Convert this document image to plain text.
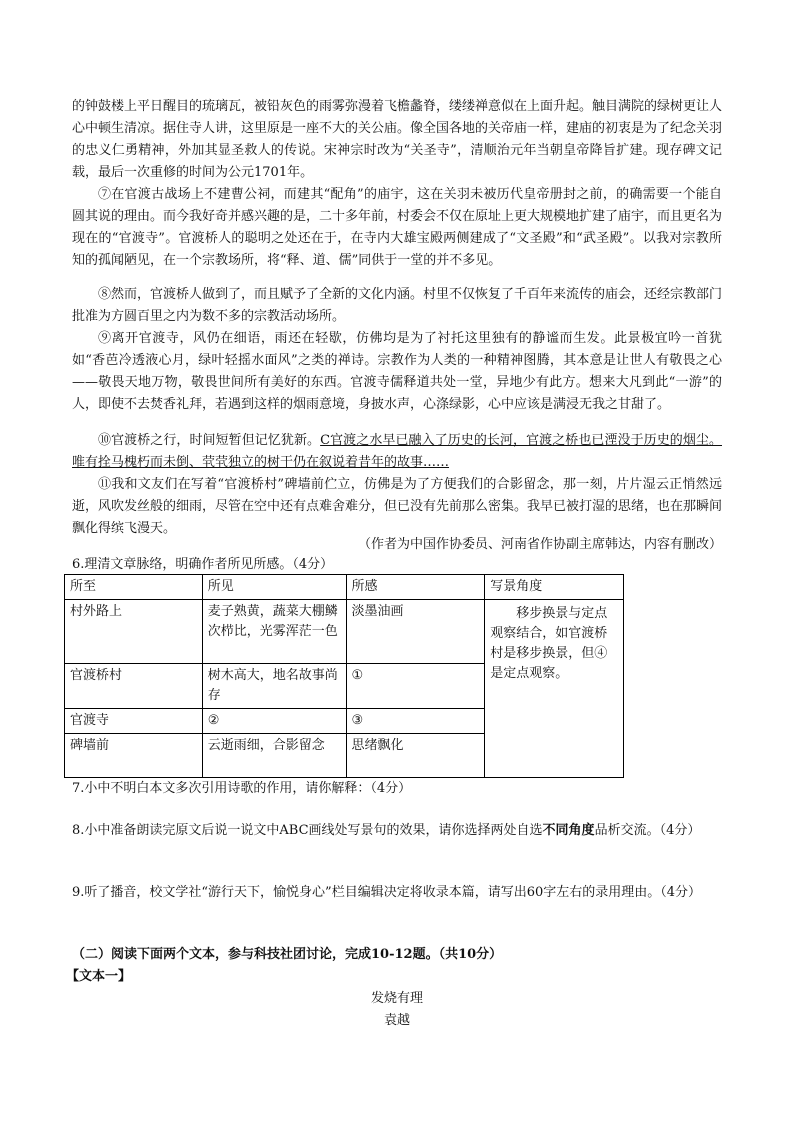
的钟鼓楼上平日醒目的琉璃瓦，被铅灰色的雨雾弥漫着飞檐蠡脊，缕缕禅意似在上面升起。触目满院的绿树更让人心中顿生清凉。据住寺人讲，这里原是一座不大的关公庙。像全国各地的关帝庙一样，建庙的初衷是为了纪念关羽的忠义仁勇精神，外加其显圣救人的传说。宋神宗时改为“关圣寺”，清顺治元年当朝皇帝降旨扩建。现存碑文记载，最后一次重修的时间为公元1701年。

⑦在官渡古战场上不建曹公祠，而建其“配角”的庙宇，这在关羽未被历代皇帝册封之前，的确需要一个能自圆其说的理由。而今我好奇并感兴趣的是，二十多年前，村委会不仅在原址上更大规模地扩建了庙宇，而且更名为现在的“官渡寺”。官渡桥人的聪明之处还在于，在寺内大雄宝殿两侧建成了“文圣殿”和“武圣殿”。以我对宗教所知的孤闻陋见，在一个宗教场所，将“释、道、儒”同供于一堂的并不多见。

⑧然而，官渡桥人做到了，而且赋予了全新的文化内涵。村里不仅恢复了千百年来流传的庙会，还经宗教部门批准为方圆百里之内为数不多的宗教活动场所。

⑨离开官渡寺，风仍在细语，雨还在轻歇，仿佛均是为了衬托这里独有的静谧而生发。此景极宜吟一首犹如“香芭冷透液心月，绿叶轻摇水面风”之类的禅诗。宗教作为人类的一种精神图腾，其本意是让世人有敬畏之心——敬畏天地万物，敬畏世间所有美好的东西。官渡寺儒释道共处一堂，异地少有此方。想来大凡到此“一游”的人，即使不去焚香礼拜，若遇到这样的烟雨意境，身披水声，心涤绿影，心中应该是满浸无我之甘甜了。

⑩官渡桥之行，时间短暂但记忆犹新。C官渡之水早已融入了历史的长河，官渡之桥也已湮没于历史的烟尘。唯有拴马槐朽而未倒、茕茕独立的树干仍在叙说着昔年的故事……

⑪我和文友们在写着“官渡桥村”碑墙前伫立，仿佛是为了方便我们的合影留念，那一刻，片片湿云正悄然远逝，风吹发丝般的细雨，尽管在空中还有点难舍难分，但已没有先前那么密集。我早已被打湿的思绪，也在那瞬间飘化得缤飞漫天。

（作者为中国作协委员、河南省作协副主席韩达，内容有删改）

6.理清文章脉络，明确作者所见所感。（4分）

所至	所见	所感	写景角度
村外路上	麦子熟黄，蔬菜大棚鳞次栉比，光雾浑茫一色	淡墨油画	移步换景与定点观察结合，如官渡桥村是移步换景，但④是定点观察。
官渡桥村	树木高大，地名故事尚存	①	
官渡寺	②	③	
碑墙前	云逝雨细，合影留念	思绪飘化	

7.小中不明白本文多次引用诗歌的作用，请你解释：（4分）

8.小中准备朗读完原文后说一说文中ABC画线处写景句的效果，请你选择两处自选不同角度品析交流。（4分）

9.听了播音，校文学社“游行天下，愉悦身心”栏目编辑决定将收录本篇，请写出60字左右的录用理由。（4分）

（二）阅读下面两个文本，参与科技社团讨论，完成10-12题。（共10分）

【文本一】

发烧有理

袁越
